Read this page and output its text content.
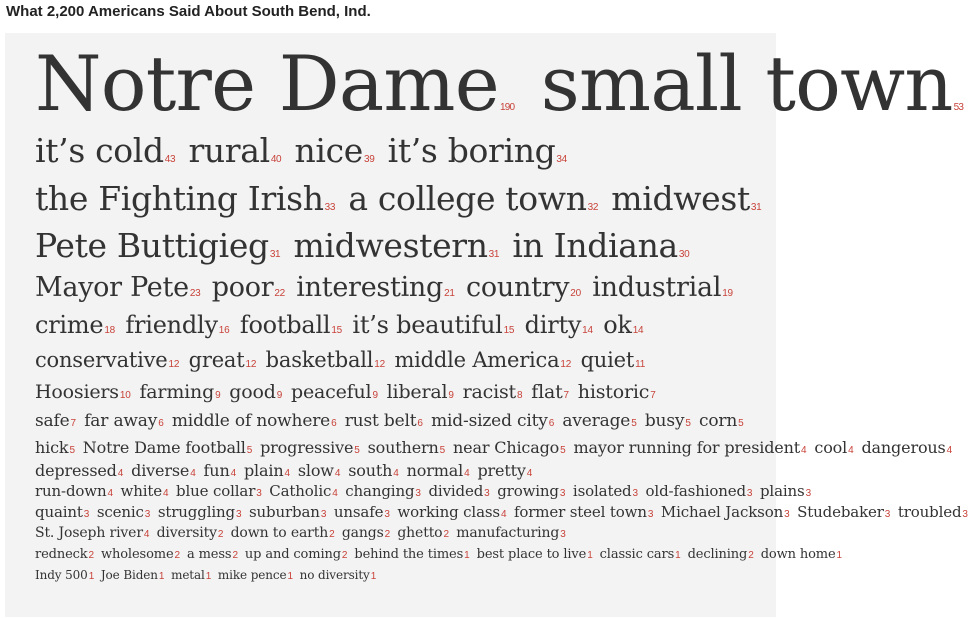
What 2,200 Americans Said About South Bend, Ind.
Notre Dame190 small town53
it’s cold43 rural40 nice39 it’s boring34
the Fighting Irish33 a college town32 midwest31
Pete Buttigieg31 midwestern31 in Indiana30
Mayor Pete23 poor22 interesting21 country20 industrial19
crime18 friendly16 football15 it’s beautiful15 dirty14 ok14
conservative12 great12 basketball12 middle America12 quiet11
Hoosiers10 farming9 good9 peaceful9 liberal9 racist8 flat7 historic7
safe7 far away6 middle of nowhere6 rust belt6 mid-sized city6 average5 busy5 corn5
hick5 Notre Dame football5 progressive5 southern5 near Chicago5 mayor running for president4 cool4 dangerous4
depressed4 diverse4 fun4 plain4 slow4 south4 normal4 pretty4
run-down4 white4 blue collar3 Catholic4 changing3 divided3 growing3 isolated3 old-fashioned3 plains3
quaint3 scenic3 struggling3 suburban3 unsafe3 working class4 former steel town3 Michael Jackson3 Studebaker3 troubled3
St. Joseph river4 diversity2 down to earth2 gangs2 ghetto2 manufacturing3
redneck2 wholesome2 a mess2 up and coming2 behind the times1 best place to live1 classic cars1 declining2 down home1
Indy 5001 Joe Biden1 metal1 mike pence1 no diversity1
